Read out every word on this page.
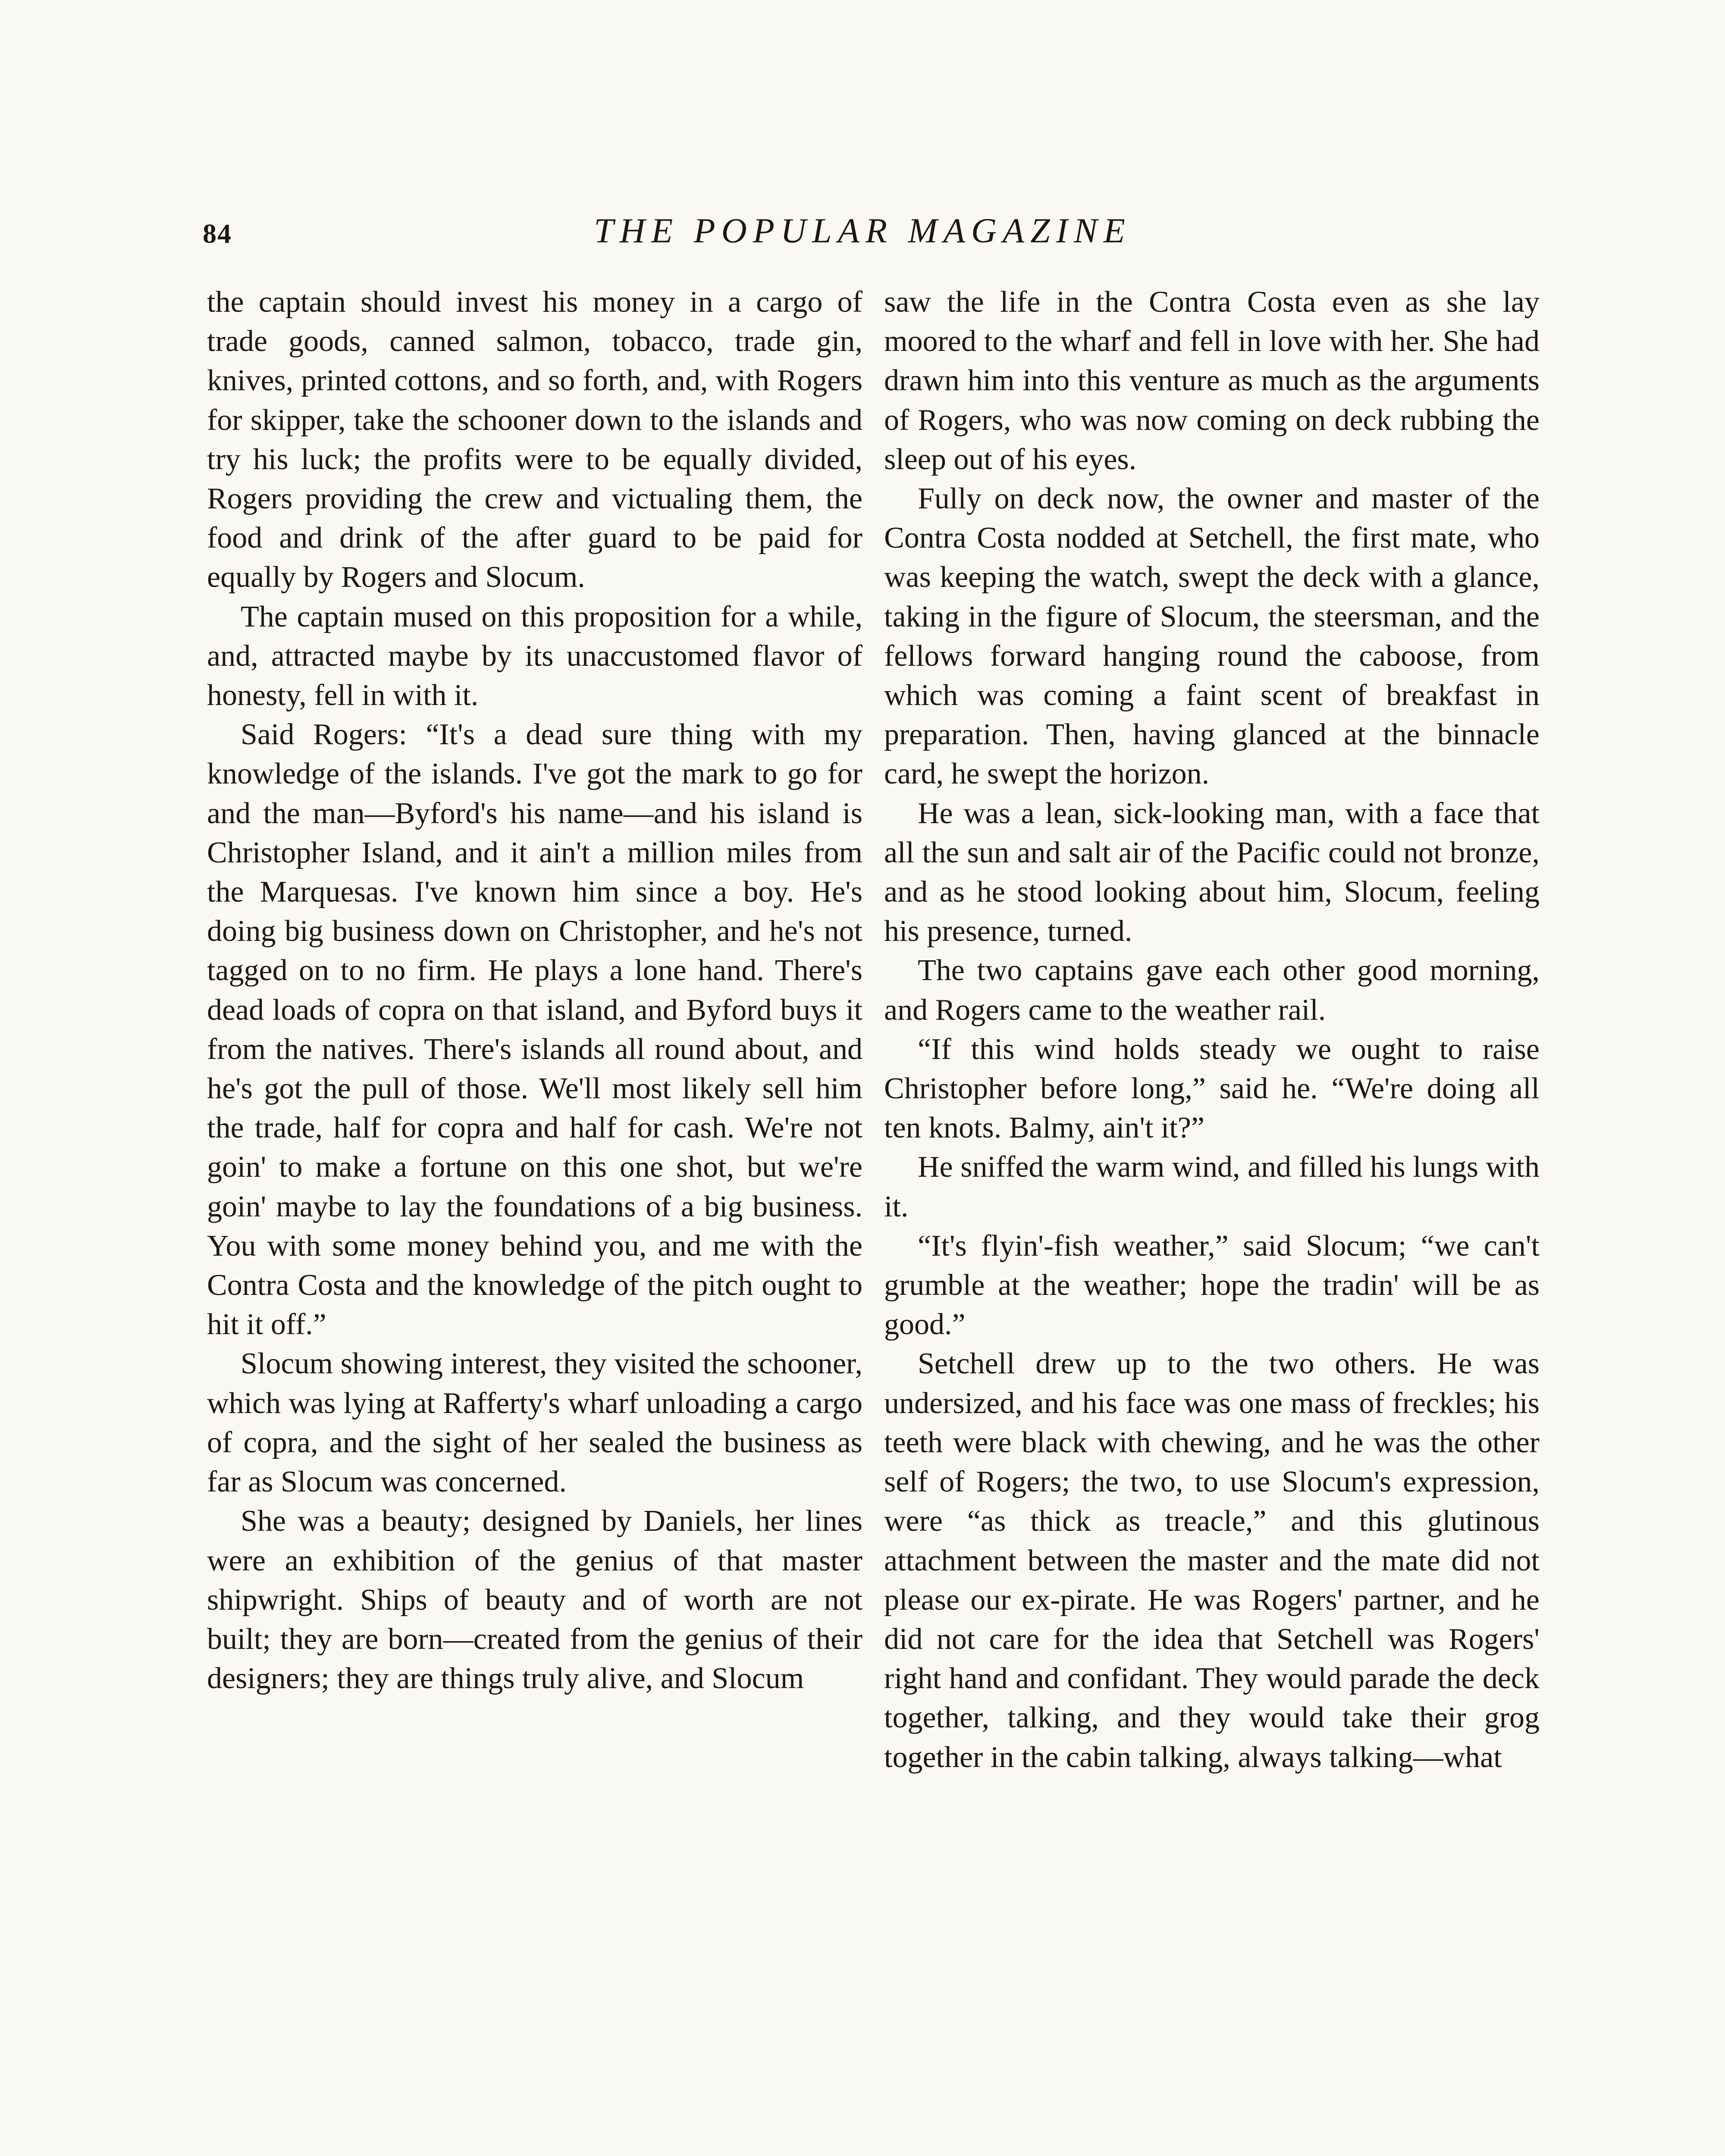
84	THE POPULAR MAGAZINE

the captain should invest his money in a cargo of trade goods, canned salmon, tobacco, trade gin, knives, printed cottons, and so forth, and, with Rogers for skipper, take the schooner down to the islands and try his luck; the profits were to be equally divided, Rogers providing the crew and victualing them, the food and drink of the after guard to be paid for equally by Rogers and Slocum.

The captain mused on this proposition for a while, and, attracted maybe by its unaccustomed flavor of honesty, fell in with it.

Said Rogers: “It's a dead sure thing with my knowledge of the islands. I've got the mark to go for and the man—Byford's his name—and his island is Christopher Island, and it ain't a million miles from the Marquesas. I've known him since a boy. He's doing big business down on Christopher, and he's not tagged on to no firm. He plays a lone hand. There's dead loads of copra on that island, and Byford buys it from the natives. There's islands all round about, and he's got the pull of those. We'll most likely sell him the trade, half for copra and half for cash. We're not goin' to make a fortune on this one shot, but we're goin' maybe to lay the foundations of a big business. You with some money behind you, and me with the Contra Costa and the knowledge of the pitch ought to hit it off.”

Slocum showing interest, they visited the schooner, which was lying at Rafferty's wharf unloading a cargo of copra, and the sight of her sealed the business as far as Slocum was concerned.

She was a beauty; designed by Daniels, her lines were an exhibition of the genius of that master shipwright. Ships of beauty and of worth are not built; they are born—created from the genius of their designers; they are things truly alive, and Slocum

saw the life in the Contra Costa even as she lay moored to the wharf and fell in love with her. She had drawn him into this venture as much as the arguments of Rogers, who was now coming on deck rubbing the sleep out of his eyes.

Fully on deck now, the owner and master of the Contra Costa nodded at Setchell, the first mate, who was keeping the watch, swept the deck with a glance, taking in the figure of Slocum, the steersman, and the fellows forward hanging round the caboose, from which was coming a faint scent of breakfast in preparation. Then, having glanced at the binnacle card, he swept the horizon.

He was a lean, sick-looking man, with a face that all the sun and salt air of the Pacific could not bronze, and as he stood looking about him, Slocum, feeling his presence, turned.

The two captains gave each other good morning, and Rogers came to the weather rail.

“If this wind holds steady we ought to raise Christopher before long,” said he. “We're doing all ten knots. Balmy, ain't it?”

He sniffed the warm wind, and filled his lungs with it.

“It's flyin'-fish weather,” said Slocum; “we can't grumble at the weather; hope the tradin' will be as good.”

Setchell drew up to the two others. He was undersized, and his face was one mass of freckles; his teeth were black with chewing, and he was the other self of Rogers; the two, to use Slocum's expression, were “as thick as treacle,” and this glutinous attachment between the master and the mate did not please our ex-pirate. He was Rogers' partner, and he did not care for the idea that Setchell was Rogers' right hand and confidant. They would parade the deck together, talking, and they would take their grog together in the cabin talking, always talking—what
